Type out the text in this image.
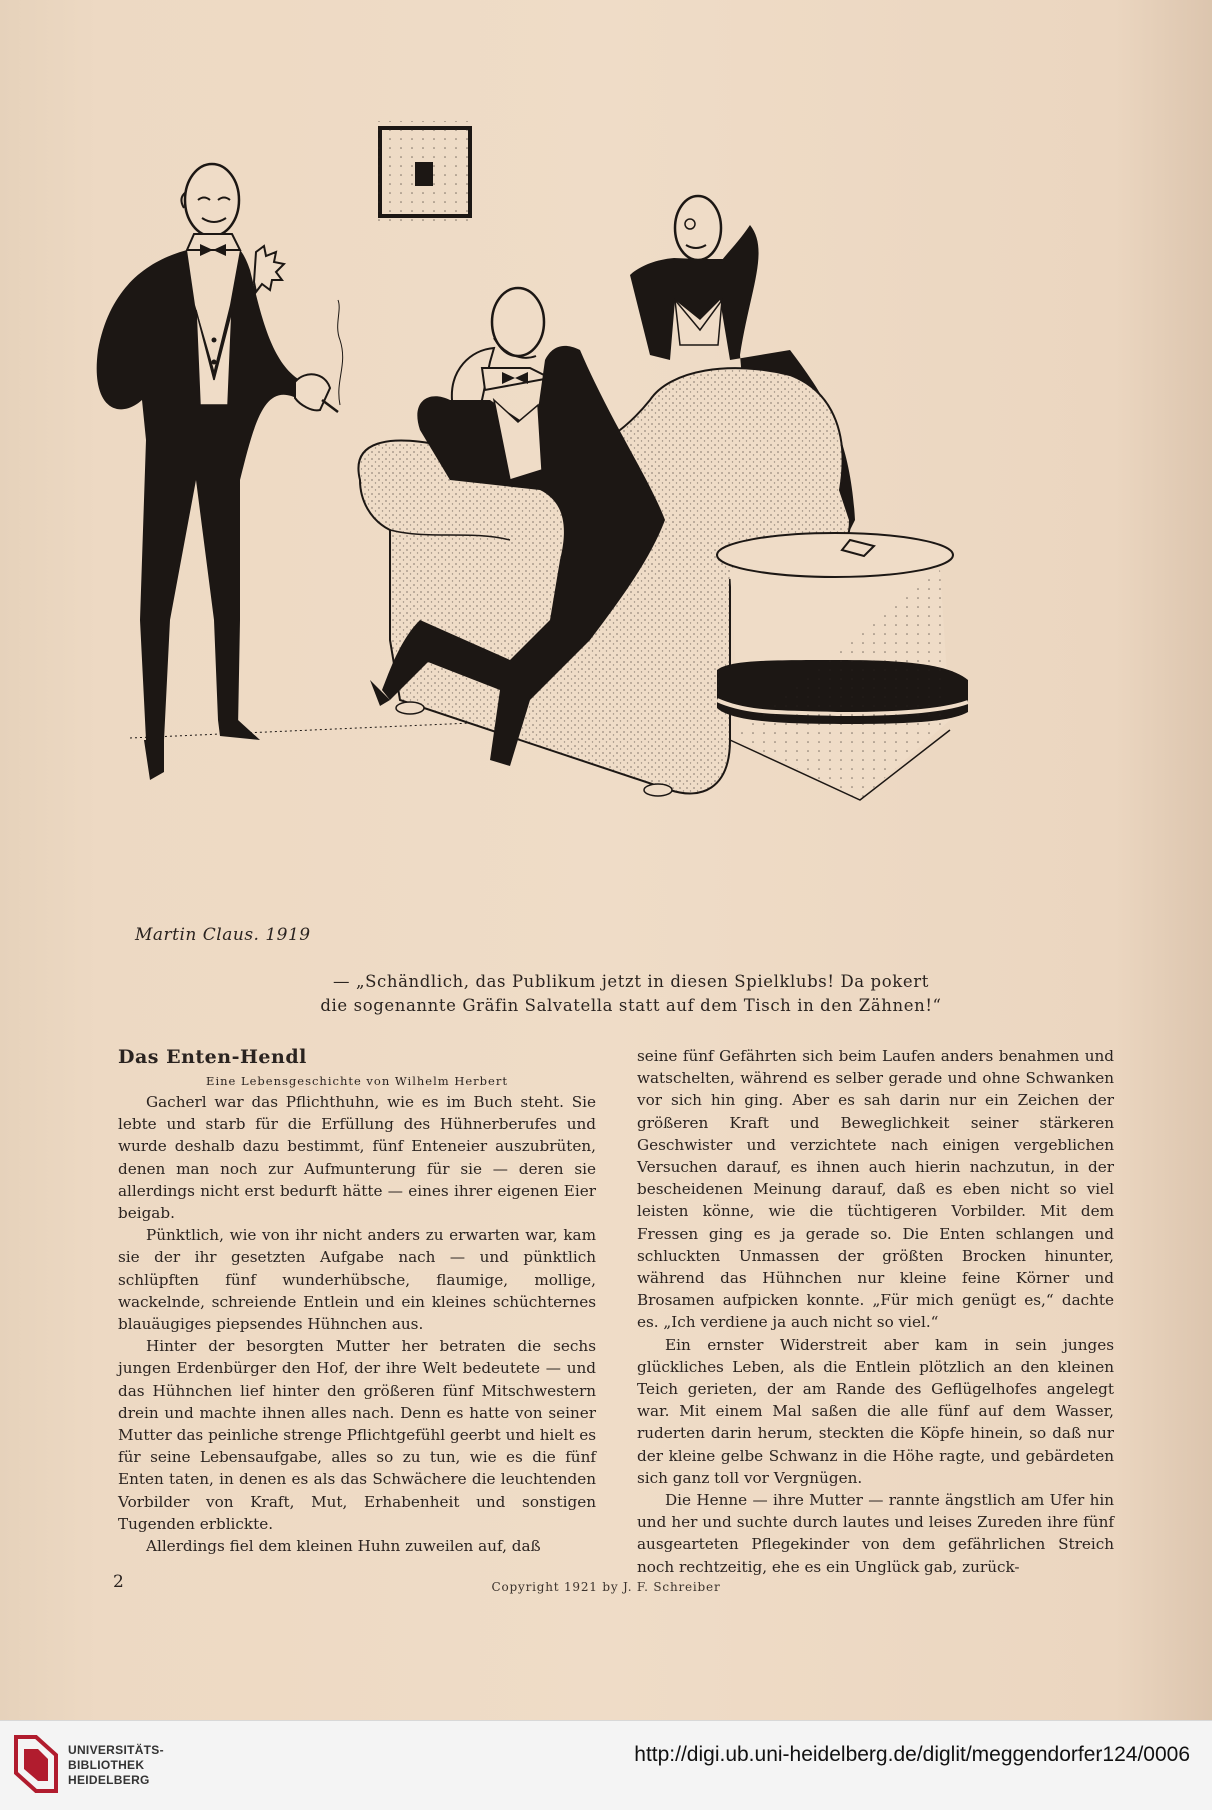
Martin Claus. 1919
— „Schändlich, das Publikum jetzt in diesen Spielklubs! Da pokert
die sogenannte Gräfin Salvatella statt auf dem Tisch in den Zähnen!“
Das Enten-Hendl
Eine Lebensgeschichte von Wilhelm Herbert

Gacherl war das Pflichthuhn, wie es im Buch steht. Sie lebte und starb für die Erfüllung des Hühnerberufes und wurde deshalb dazu bestimmt, fünf Enteneier auszubrüten, denen man noch zur Aufmunterung für sie — deren sie allerdings nicht erst bedurft hätte — eines ihrer eigenen Eier beigab.

Pünktlich, wie von ihr nicht anders zu erwarten war, kam sie der ihr gesetzten Aufgabe nach — und pünktlich schlüpften fünf wunderhübsche, flaumige, mollige, wackelnde, schreiende Entlein und ein kleines schüchternes blauäugiges piepsendes Hühnchen aus.

Hinter der besorgten Mutter her betraten die sechs jungen Erdenbürger den Hof, der ihre Welt bedeutete — und das Hühnchen lief hinter den größeren fünf Mitschwestern drein und machte ihnen alles nach. Denn es hatte von seiner Mutter das peinliche strenge Pflichtgefühl geerbt und hielt es für seine Lebensaufgabe, alles so zu tun, wie es die fünf Enten taten, in denen es als das Schwächere die leuchtenden Vorbilder von Kraft, Mut, Erhabenheit und sonstigen Tugenden erblickte.

Allerdings fiel dem kleinen Huhn zuweilen auf, daß

seine fünf Gefährten sich beim Laufen anders benahmen und watschelten, während es selber gerade und ohne Schwanken vor sich hin ging. Aber es sah darin nur ein Zeichen der größeren Kraft und Beweglichkeit seiner stärkeren Geschwister und verzichtete nach einigen vergeblichen Versuchen darauf, es ihnen auch hierin nachzutun, in der bescheidenen Meinung darauf, daß es eben nicht so viel leisten könne, wie die tüchtigeren Vorbilder. Mit dem Fressen ging es ja gerade so. Die Enten schlangen und schluckten Unmassen der größten Brocken hinunter, während das Hühnchen nur kleine feine Körner und Brosamen aufpicken konnte. „Für mich genügt es,“ dachte es. „Ich verdiene ja auch nicht so viel.“

Ein ernster Widerstreit aber kam in sein junges glückliches Leben, als die Entlein plötzlich an den kleinen Teich gerieten, der am Rande des Geflügelhofes angelegt war. Mit einem Mal saßen die alle fünf auf dem Wasser, ruderten darin herum, steckten die Köpfe hinein, so daß nur der kleine gelbe Schwanz in die Höhe ragte, und gebärdeten sich ganz toll vor Vergnügen.

Die Henne — ihre Mutter — rannte ängstlich am Ufer hin und her und suchte durch lautes und leises Zureden ihre fünf ausgearteten Pflegekinder von dem gefährlichen Streich noch rechtzeitig, ehe es ein Unglück gab, zurück-

2	Copyright 1921 by J. F. Schreiber
UNIVERSITÄTS-
BIBLIOTHEK
HEIDELBERG
http://digi.ub.uni-heidelberg.de/diglit/meggendorfer124/0006
